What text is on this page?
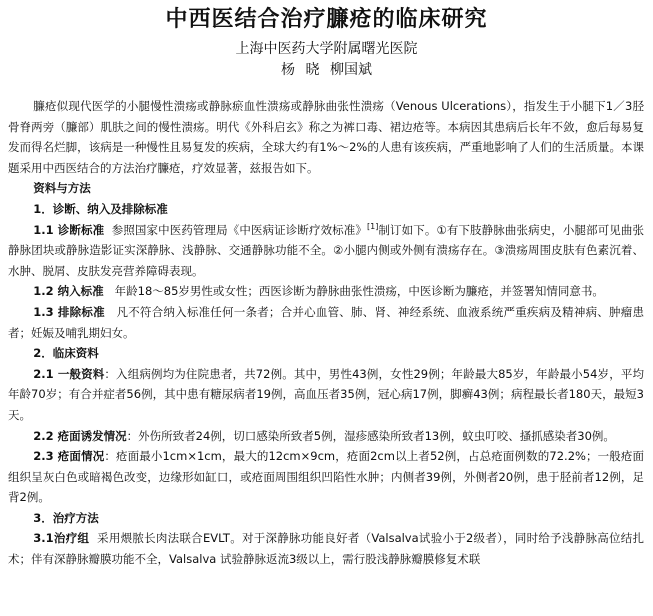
中西医结合治疗臁疮的临床研究
上海中医药大学附属曙光医院
杨 晓 柳国斌

臁疮似现代医学的小腿慢性溃疡或静脉瘀血性溃疡或静脉曲张性溃疡（Venous Ulcerations），指发生于小腿下1／3胫骨脊两旁（臁部）肌肤之间的慢性溃疡。明代《外科启玄》称之为裤口毒、裙边疮等。本病因其患病后长年不敛，愈后每易复发而得名烂脚，该病是一种慢性且易复发的疾病，全球大约有1%～2%的人患有该疾病，严重地影响了人们的生活质量。本课题采用中西医结合的方法治疗臁疮，疗效显著，兹报告如下。

资料与方法

1．诊断、纳入及排除标准

1.1 诊断标准 参照国家中医药管理局《中医病证诊断疗效标准》[1]制订如下。①有下肢静脉曲张病史，小腿部可见曲张静脉团块或静脉造影证实深静脉、浅静脉、交通静脉功能不全。②小腿内侧或外侧有溃疡存在。③溃疡周围皮肤有色素沉着、水肿、脱屑、皮肤发亮营养障碍表现。

1.2 纳入标准 年龄18～85岁男性或女性；西医诊断为静脉曲张性溃疡，中医诊断为臁疮，并签署知情同意书。

1.3 排除标准 凡不符合纳入标准任何一条者；合并心血管、肺、肾、神经系统、血液系统严重疾病及精神病、肿瘤患者；妊娠及哺乳期妇女。

2．临床资料

2.1 一般资料：入组病例均为住院患者，共72例。其中，男性43例，女性29例；年龄最大85岁，年龄最小54岁，平均年龄70岁；有合并症者56例，其中患有糖尿病者19例，高血压者35例，冠心病17例，脚癣43例；病程最长者180天，最短3天。

2.2 疮面诱发情况：外伤所致者24例，切口感染所致者5例，湿疹感染所致者13例，蚊虫叮咬、搔抓感染者30例。

2.3 疮面情况：疮面最小1cm×1cm，最大的12cm×9cm，疮面2cm以上者52例，占总疮面例数的72.2%；一般疮面组织呈灰白色或暗褐色改变，边缘形如缸口，或疮面周围组织凹陷性水肿；内侧者39例，外侧者20例，患于胫前者12例，足背2例。

3．治疗方法

3.1治疗组 采用煨脓长肉法联合EVLT。对于深静脉功能良好者（Valsalva试验小于2级者），同时给予浅静脉高位结扎术；伴有深静脉瓣膜功能不全，Valsalva 试验静脉返流3级以上，需行股浅静脉瓣膜修复术联
